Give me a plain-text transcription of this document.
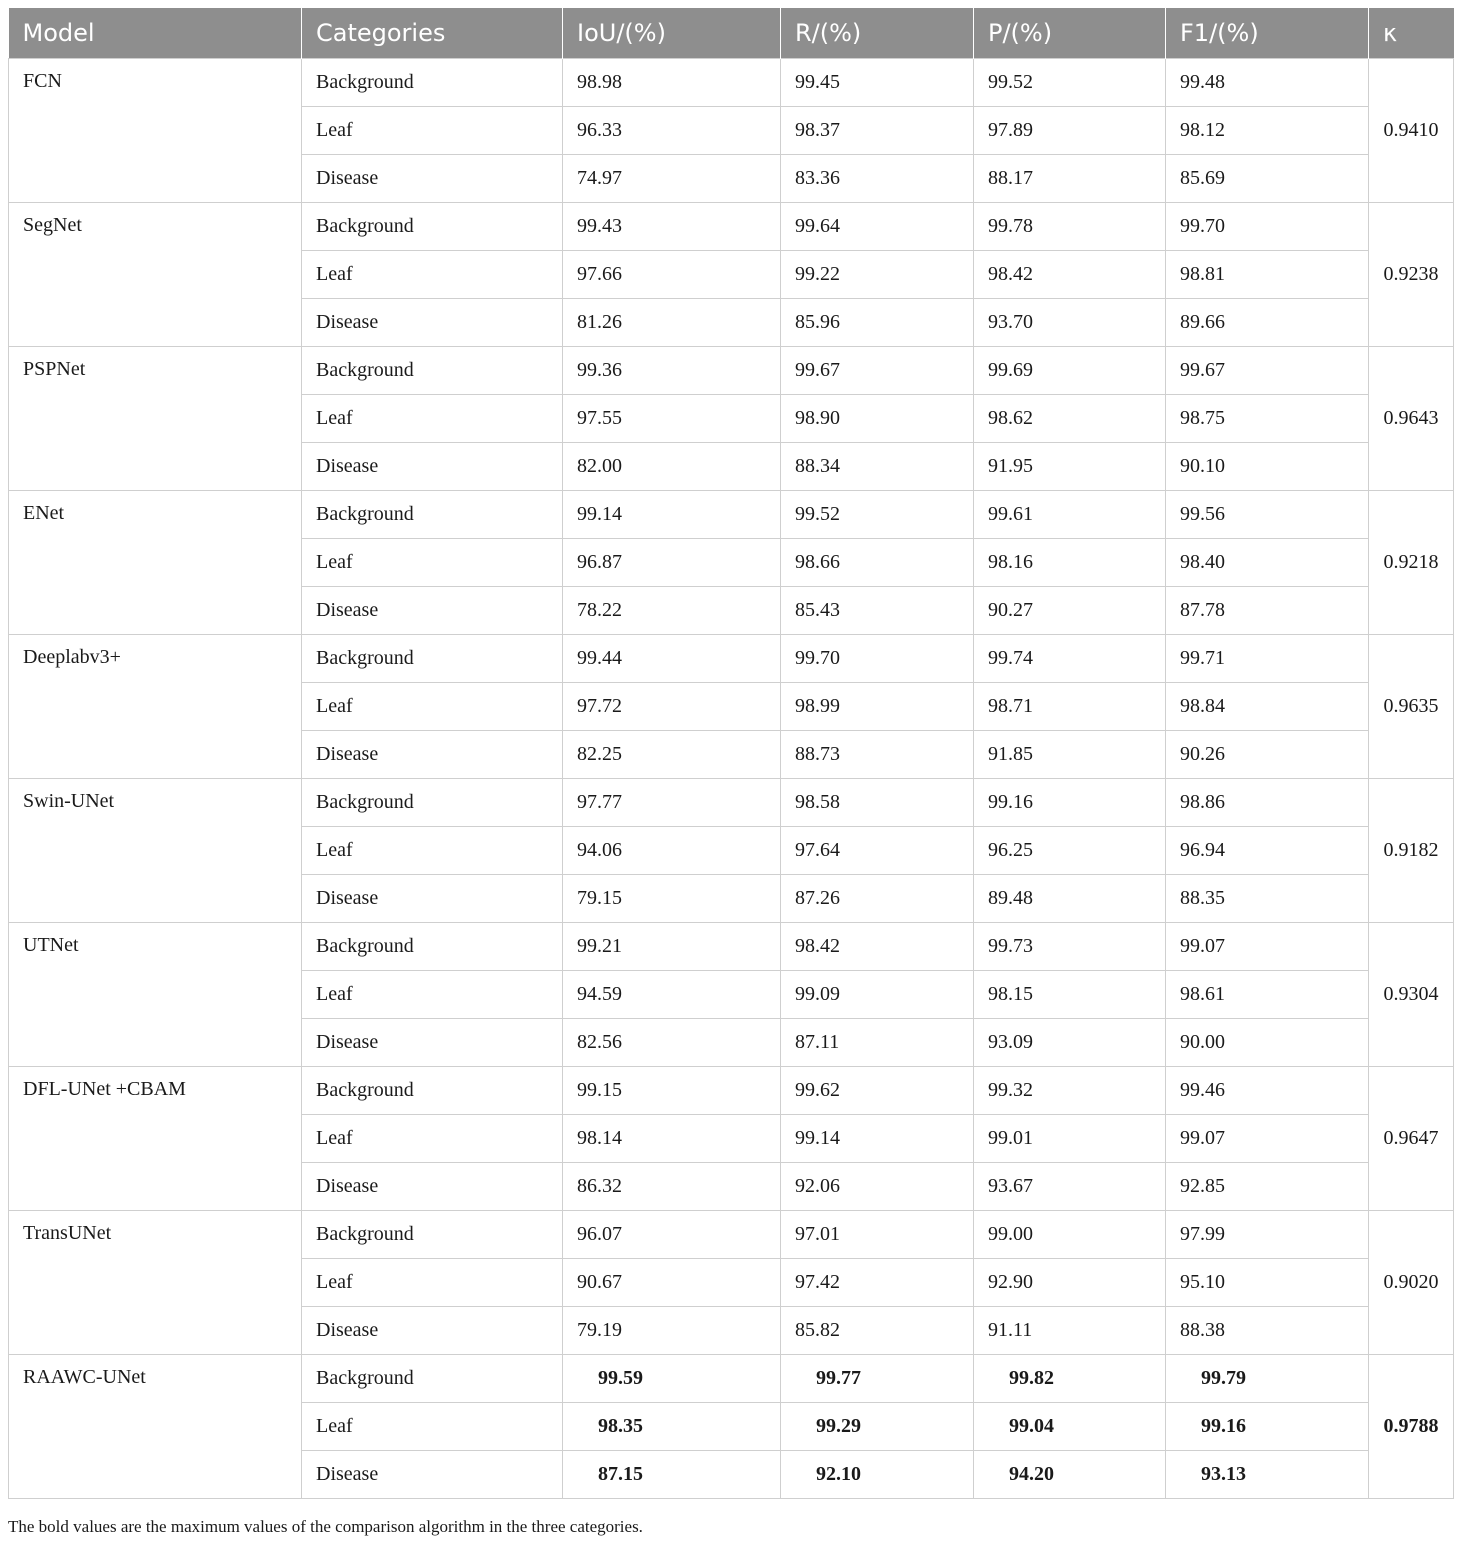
Model	Categories	IoU/(%)	R/(%)	P/(%)	F1/(%)	κ
FCN	Background	98.98	99.45	99.52	99.48	0.9410
	Leaf	96.33	98.37	97.89	98.12	
	Disease	74.97	83.36	88.17	85.69	
SegNet	Background	99.43	99.64	99.78	99.70	0.9238
	Leaf	97.66	99.22	98.42	98.81	
	Disease	81.26	85.96	93.70	89.66	
PSPNet	Background	99.36	99.67	99.69	99.67	0.9643
	Leaf	97.55	98.90	98.62	98.75	
	Disease	82.00	88.34	91.95	90.10	
ENet	Background	99.14	99.52	99.61	99.56	0.9218
	Leaf	96.87	98.66	98.16	98.40	
	Disease	78.22	85.43	90.27	87.78	
Deeplabv3+	Background	99.44	99.70	99.74	99.71	0.9635
	Leaf	97.72	98.99	98.71	98.84	
	Disease	82.25	88.73	91.85	90.26	
Swin-UNet	Background	97.77	98.58	99.16	98.86	0.9182
	Leaf	94.06	97.64	96.25	96.94	
	Disease	79.15	87.26	89.48	88.35	
UTNet	Background	99.21	98.42	99.73	99.07	0.9304
	Leaf	94.59	99.09	98.15	98.61	
	Disease	82.56	87.11	93.09	90.00	
DFL-UNet +CBAM	Background	99.15	99.62	99.32	99.46	0.9647
	Leaf	98.14	99.14	99.01	99.07	
	Disease	86.32	92.06	93.67	92.85	
TransUNet	Background	96.07	97.01	99.00	97.99	0.9020
	Leaf	90.67	97.42	92.90	95.10	
	Disease	79.19	85.82	91.11	88.38	
RAAWC-UNet	Background	99.59	99.77	99.82	99.79	0.9788
	Leaf	98.35	99.29	99.04	99.16	
	Disease	87.15	92.10	94.20	93.13	
The bold values are the maximum values of the comparison algorithm in the three categories.
